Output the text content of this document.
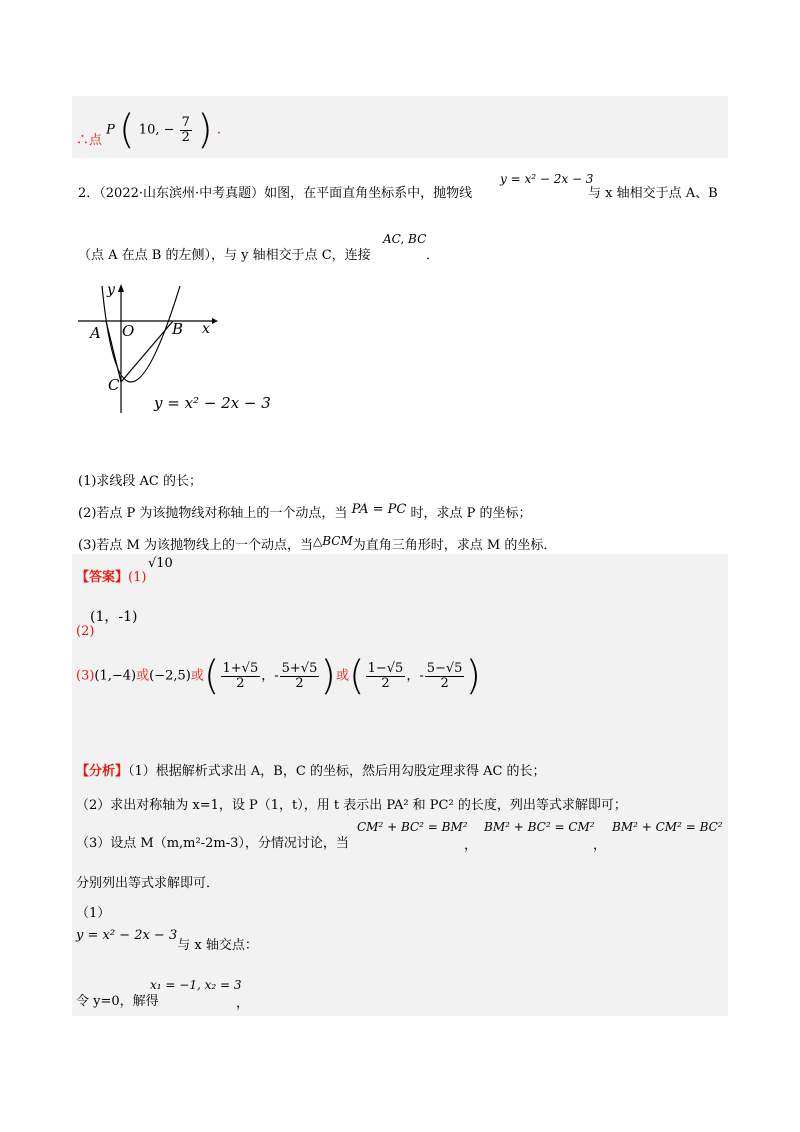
∴点 P ( 10, − $\frac{7}{2}$ ) .
2．（2022·山东滨州·中考真题）如图，在平面直角坐标系中，抛物线
y = x² − 2x − 3
与 x 轴相交于点 A、B
（点 A 在点 B 的左侧），与 y 轴相交于点 C，连接
AC, BC
．
y
x
A O	B
C
y = x² − 2x − 3
(1)求线段 AC 的长；
(2)若点 P 为该抛物线对称轴上的一个动点，当 PA = PC 时，求点 P 的坐标；
(3)若点 M 为该抛物线上的一个动点，当△BCM为直角三角形时，求点 M 的坐标．
【答案】(1)
√10
(2)
(1，-1)
(3)(1,−4)或(−2,5)或( $\frac{1+√5}{2}$ ，- $\frac{5+√5}{2}$ )或( $\frac{1-√5}{2}$ ，- $\frac{5-√5}{2}$ )
【分析】（1）根据解析式求出 A，B，C 的坐标，然后用勾股定理求得 AC 的长；
（2）求出对称轴为 x=1，设 P（1，t），用 t 表示出 PA² 和 PC² 的长度，列出等式求解即可；
（3）设点 M（m,m²-2m-3），分情况讨论，当
CM² + BC² = BM²
，
BM² + BC² = CM²
，
BM² + CM² = BC²
分别列出等式求解即可．
（1）
y = x² − 2x − 3与 x 轴交点：
令 y=0，解得
x₁ = −1, x₂ = 3
，
